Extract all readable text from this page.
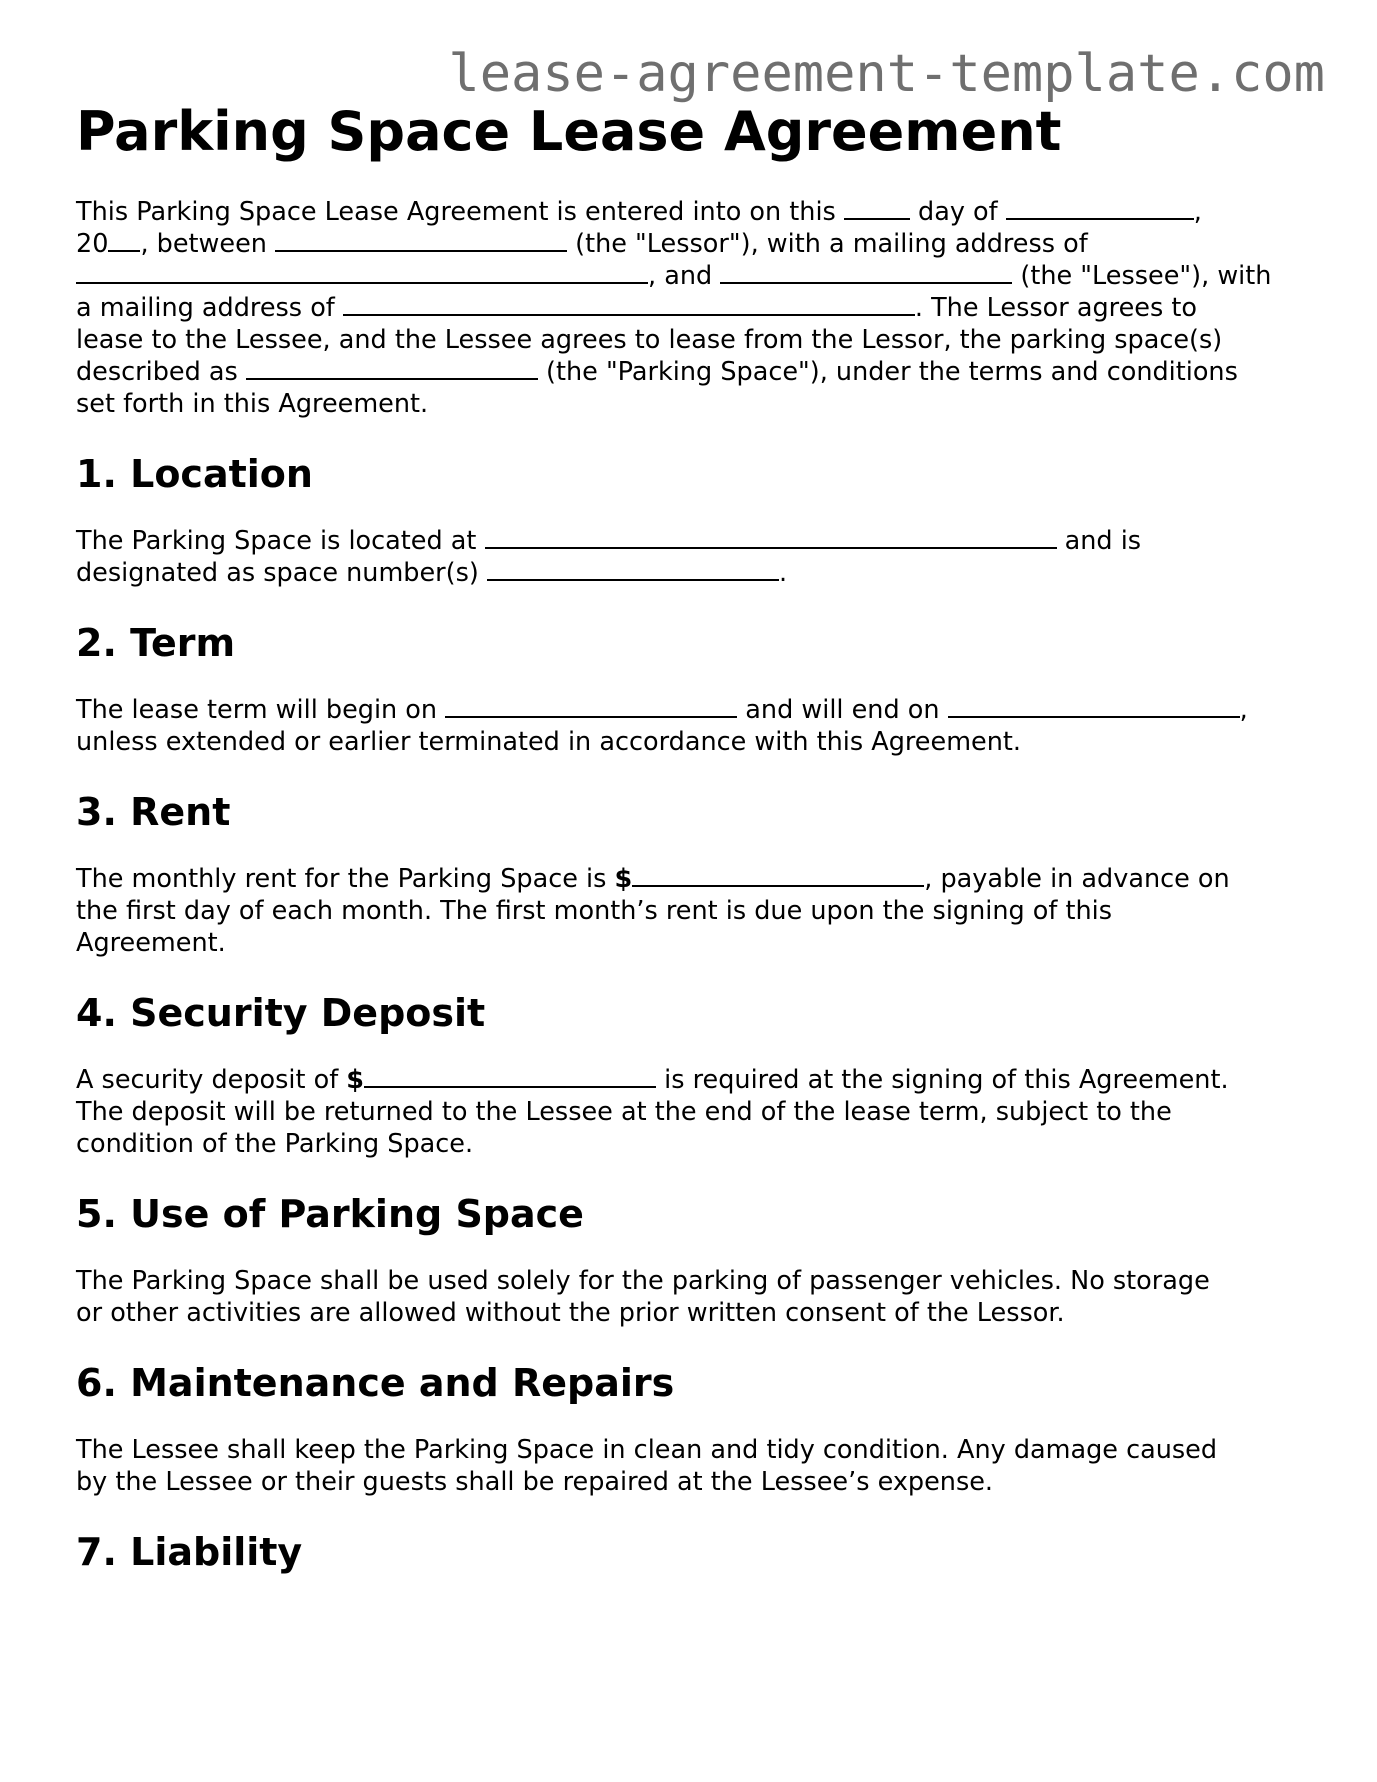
lease-agreement-template.com
Parking Space Lease Agreement

This Parking Space Lease Agreement is entered into on this	day of	,
20 , between	(the "Lessor"), with a mailing address of
, and	(the "Lessee"), with
a mailing address of	. The Lessor agrees to
lease to the Lessee, and the Lessee agrees to lease from the Lessor, the parking space(s)
described as	(the "Parking Space"), under the terms and conditions
set forth in this Agreement.

1. Location

The Parking Space is located at	and is
designated as space number(s)	.

2. Term

The lease term will begin on	and will end on	,
unless extended or earlier terminated in accordance with this Agreement.

3. Rent

The monthly rent for the Parking Space is $	, payable in advance on
the first day of each month. The first month’s rent is due upon the signing of this
Agreement.

4. Security Deposit

A security deposit of $	is required at the signing of this Agreement.
The deposit will be returned to the Lessee at the end of the lease term, subject to the
condition of the Parking Space.

5. Use of Parking Space

The Parking Space shall be used solely for the parking of passenger vehicles. No storage
or other activities are allowed without the prior written consent of the Lessor.

6. Maintenance and Repairs

The Lessee shall keep the Parking Space in clean and tidy condition. Any damage caused
by the Lessee or their guests shall be repaired at the Lessee’s expense.

7. Liability
